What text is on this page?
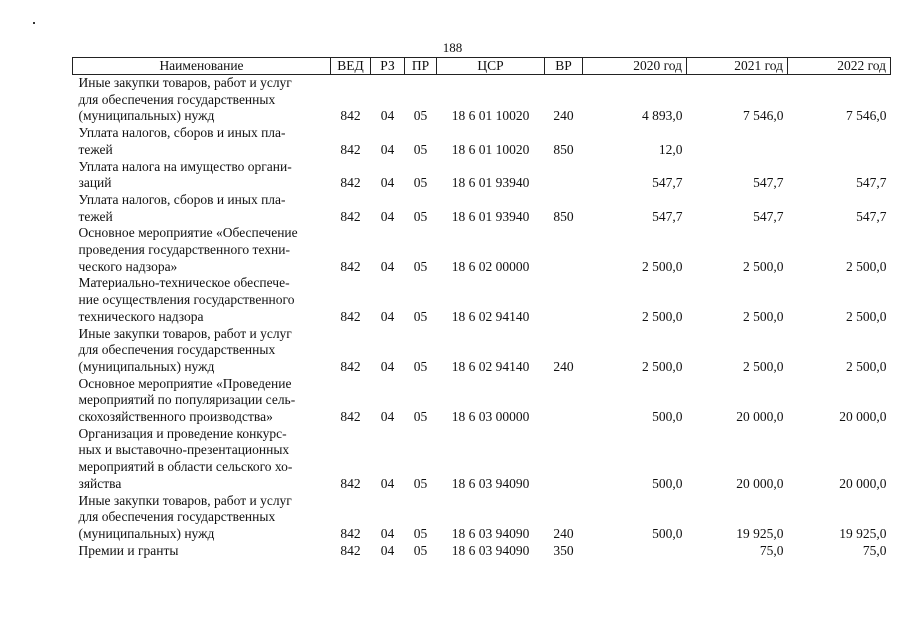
188
Наименование	ВЕД	РЗ	ПР	ЦСР	ВР	2020 год	2021 год	2022 год

Иные закупки товаров, работ и услуг
для обеспечения государственных
(муниципальных) нужд	842	04	05	18 6 01 10020	240	4 893,0	7 546,0	7 546,0

Уплата налогов, сборов и иных пла-
тежей	842	04	05	18 6 01 10020	850	12,0		

Уплата налога на имущество органи-
заций	842	04	05	18 6 01 93940		547,7	547,7	547,7

Уплата налогов, сборов и иных пла-
тежей	842	04	05	18 6 01 93940	850	547,7	547,7	547,7

Основное мероприятие «Обеспечение
проведения государственного техни-
ческого надзора»	842	04	05	18 6 02 00000		2 500,0	2 500,0	2 500,0

Материально-техническое обеспече-
ние осуществления государственного
технического надзора	842	04	05	18 6 02 94140		2 500,0	2 500,0	2 500,0

Иные закупки товаров, работ и услуг
для обеспечения государственных
(муниципальных) нужд	842	04	05	18 6 02 94140	240	2 500,0	2 500,0	2 500,0

Основное мероприятие «Проведение
мероприятий по популяризации сель-
скохозяйственного производства»	842	04	05	18 6 03 00000		500,0	20 000,0	20 000,0

Организация и проведение конкурс-
ных и выставочно-презентационных
мероприятий в области сельского хо-
зяйства	842	04	05	18 6 03 94090		500,0	20 000,0	20 000,0

Иные закупки товаров, работ и услуг
для обеспечения государственных
(муниципальных) нужд	842	04	05	18 6 03 94090	240	500,0	19 925,0	19 925,0

Премии и гранты	842	04	05	18 6 03 94090	350		75,0	75,0
